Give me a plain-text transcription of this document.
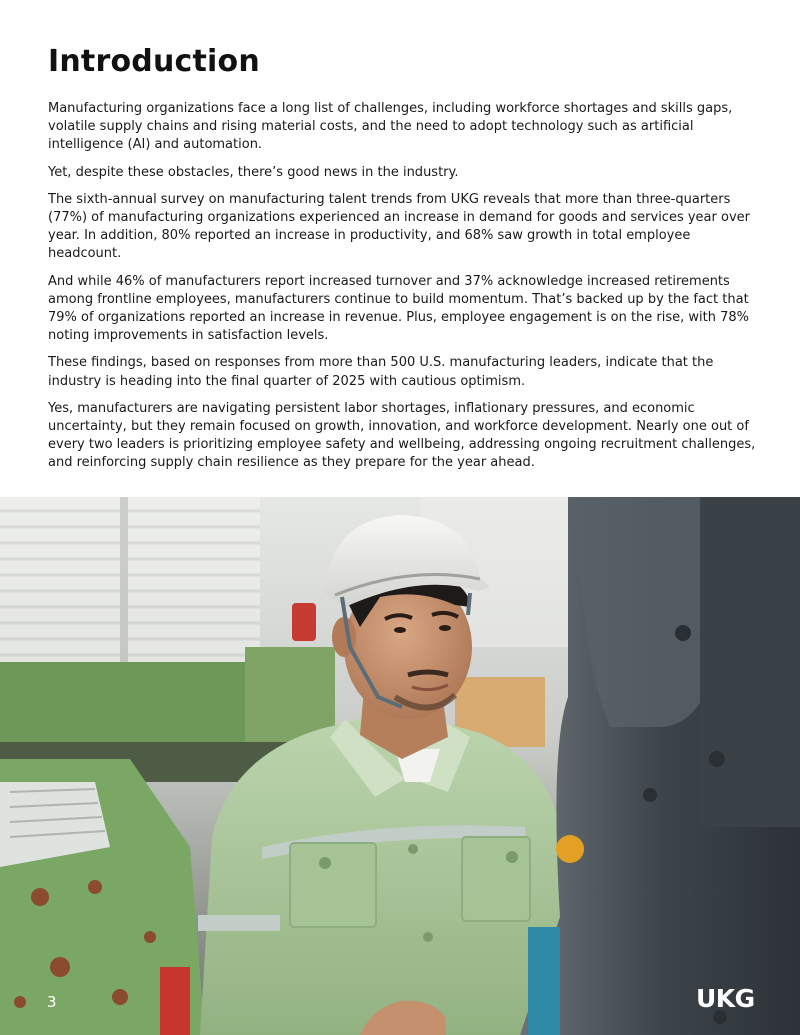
Introduction

Manufacturing organizations face a long list of challenges, including workforce shortages and skills gaps, volatile supply chains and rising material costs, and the need to adopt technology such as artificial intelligence (AI) and automation.

Yet, despite these obstacles, there’s good news in the industry.

The sixth-annual survey on manufacturing talent trends from UKG reveals that more than three-quarters (77%) of manufacturing organizations experienced an increase in demand for goods and services year over year. In addition, 80% reported an increase in productivity, and 68% saw growth in total employee headcount.

And while 46% of manufacturers report increased turnover and 37% acknowledge increased retirements among frontline employees, manufacturers continue to build momentum. That’s backed up by the fact that 79% of organizations reported an increase in revenue. Plus, employee engagement is on the rise, with 78% noting improvements in satisfaction levels.

These findings, based on responses from more than 500 U.S. manufacturing leaders, indicate that the industry is heading into the final quarter of 2025 with cautious optimism.

Yes, manufacturers are navigating persistent labor shortages, inflationary pressures, and economic uncertainty, but they remain focused on growth, innovation, and workforce development. Nearly one out of every two leaders is prioritizing employee safety and wellbeing, addressing ongoing recruitment challenges, and reinforcing supply chain resilience as they prepare for the year ahead.

3	UKG
